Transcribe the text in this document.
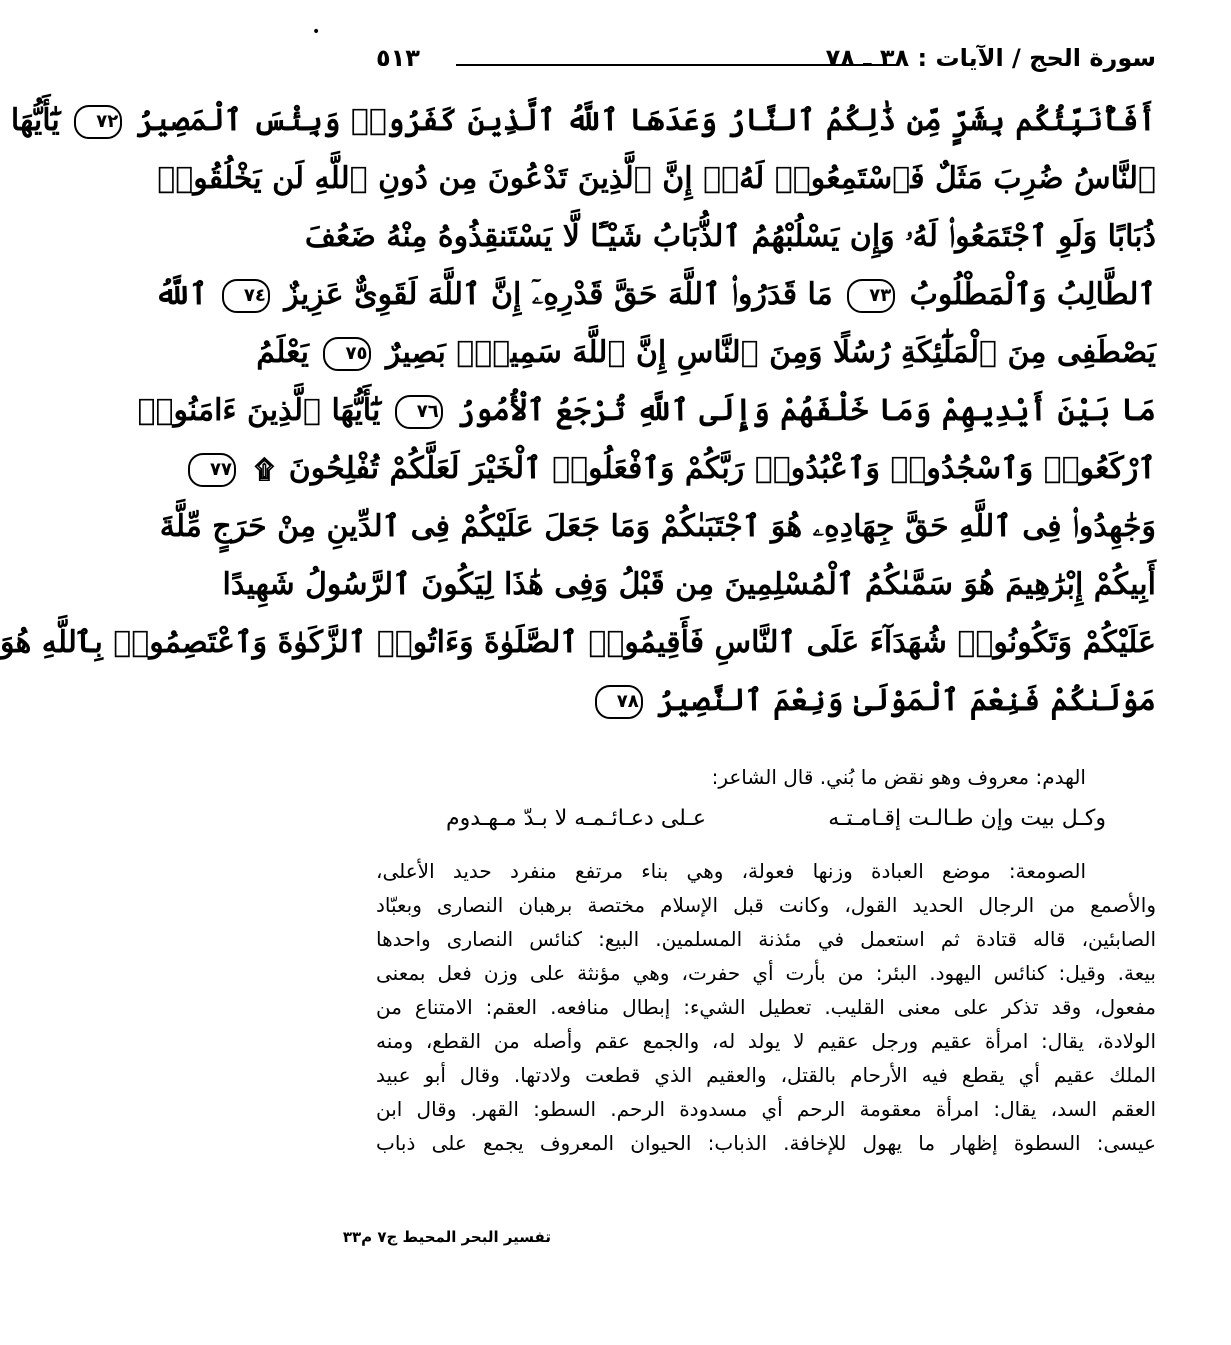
•
سورة الحج / الآيات : ٣٨ ـ ٧٨
٥١٣
أَفَأُنَبِّئُكُم بِشَرٍّ مِّن ذَٰلِكُمُ ٱلنَّارُ وَعَدَهَا ٱللَّهُ ٱلَّذِينَ كَفَرُوا۟ وَبِئْسَ ٱلْمَصِيرُ ٧٢ يَٰٓأَيُّهَا
ٱلنَّاسُ ضُرِبَ مَثَلٌ فَٱسْتَمِعُوا۟ لَهُۥٓ إِنَّ ٱلَّذِينَ تَدْعُونَ مِن دُونِ ٱللَّهِ لَن يَخْلُقُوا۟
ذُبَابًا وَلَوِ ٱجْتَمَعُوا۟ لَهُۥ وَإِن يَسْلُبْهُمُ ٱلذُّبَابُ شَيْـًٔا لَّا يَسْتَنقِذُوهُ مِنْهُ ضَعُفَ
ٱلطَّالِبُ وَٱلْمَطْلُوبُ ٧٣ مَا قَدَرُوا۟ ٱللَّهَ حَقَّ قَدْرِهِۦٓ إِنَّ ٱللَّهَ لَقَوِىٌّ عَزِيزٌ ٧٤ ٱللَّهُ
يَصْطَفِى مِنَ ٱلْمَلَٰٓئِكَةِ رُسُلًا وَمِنَ ٱلنَّاسِ إِنَّ ٱللَّهَ سَمِيعٌۢ بَصِيرٌ ٧٥ يَعْلَمُ
مَا بَيْنَ أَيْدِيهِمْ وَمَا خَلْفَهُمْ وَإِلَى ٱللَّهِ تُرْجَعُ ٱلْأُمُورُ ٧٦ يَٰٓأَيُّهَا ٱلَّذِينَ ءَامَنُوا۟
ٱرْكَعُوا۟ وَٱسْجُدُوا۟ وَٱعْبُدُوا۟ رَبَّكُمْ وَٱفْعَلُوا۟ ٱلْخَيْرَ لَعَلَّكُمْ تُفْلِحُونَ ۩ ٧٧
وَجَٰهِدُوا۟ فِى ٱللَّهِ حَقَّ جِهَادِهِۦ هُوَ ٱجْتَبَىٰكُمْ وَمَا جَعَلَ عَلَيْكُمْ فِى ٱلدِّينِ مِنْ حَرَجٍ مِّلَّةَ
أَبِيكُمْ إِبْرَٰهِيمَ هُوَ سَمَّىٰكُمُ ٱلْمُسْلِمِينَ مِن قَبْلُ وَفِى هَٰذَا لِيَكُونَ ٱلرَّسُولُ شَهِيدًا
عَلَيْكُمْ وَتَكُونُوا۟ شُهَدَآءَ عَلَى ٱلنَّاسِ فَأَقِيمُوا۟ ٱلصَّلَوٰةَ وَءَاتُوا۟ ٱلزَّكَوٰةَ وَٱعْتَصِمُوا۟ بِٱللَّهِ هُوَ
مَوْلَىٰكُمْ فَنِعْمَ ٱلْمَوْلَىٰ وَنِعْمَ ٱلنَّصِيرُ ٧٨
الهدم: معروف وهو نقض ما بُني. قال الشاعر:
وكـل بيت وإن طـالـت إقـامـتـه
عـلى دعـائـمـه لا بـدّ مـهـدوم
الصومعة: موضع العبادة وزنها فعولة، وهي بناء مرتفع منفرد حديد الأعلى،
والأصمع من الرجال الحديد القول، وكانت قبل الإسلام مختصة برهبان النصارى وبعبّاد
الصابئين، قاله قتادة ثم استعمل في مئذنة المسلمين. البيع: كنائس النصارى واحدها
بيعة. وقيل: كنائس اليهود. البئر: من بأرت أي حفرت، وهي مؤنثة على وزن فعل بمعنى
مفعول، وقد تذكر على معنى القليب. تعطيل الشيء: إبطال منافعه. العقم: الامتناع من
الولادة، يقال: امرأة عقيم ورجل عقيم لا يولد له، والجمع عقم وأصله من القطع، ومنه
الملك عقيم أي يقطع فيه الأرحام بالقتل، والعقيم الذي قطعت ولادتها. وقال أبو عبيد
العقم السد، يقال: امرأة معقومة الرحم أي مسدودة الرحم. السطو: القهر. وقال ابن
عيسى: السطوة إظهار ما يهول للإخافة. الذباب: الحيوان المعروف يجمع على ذباب
تفسير البحر المحيط ج٧ م٣٣
